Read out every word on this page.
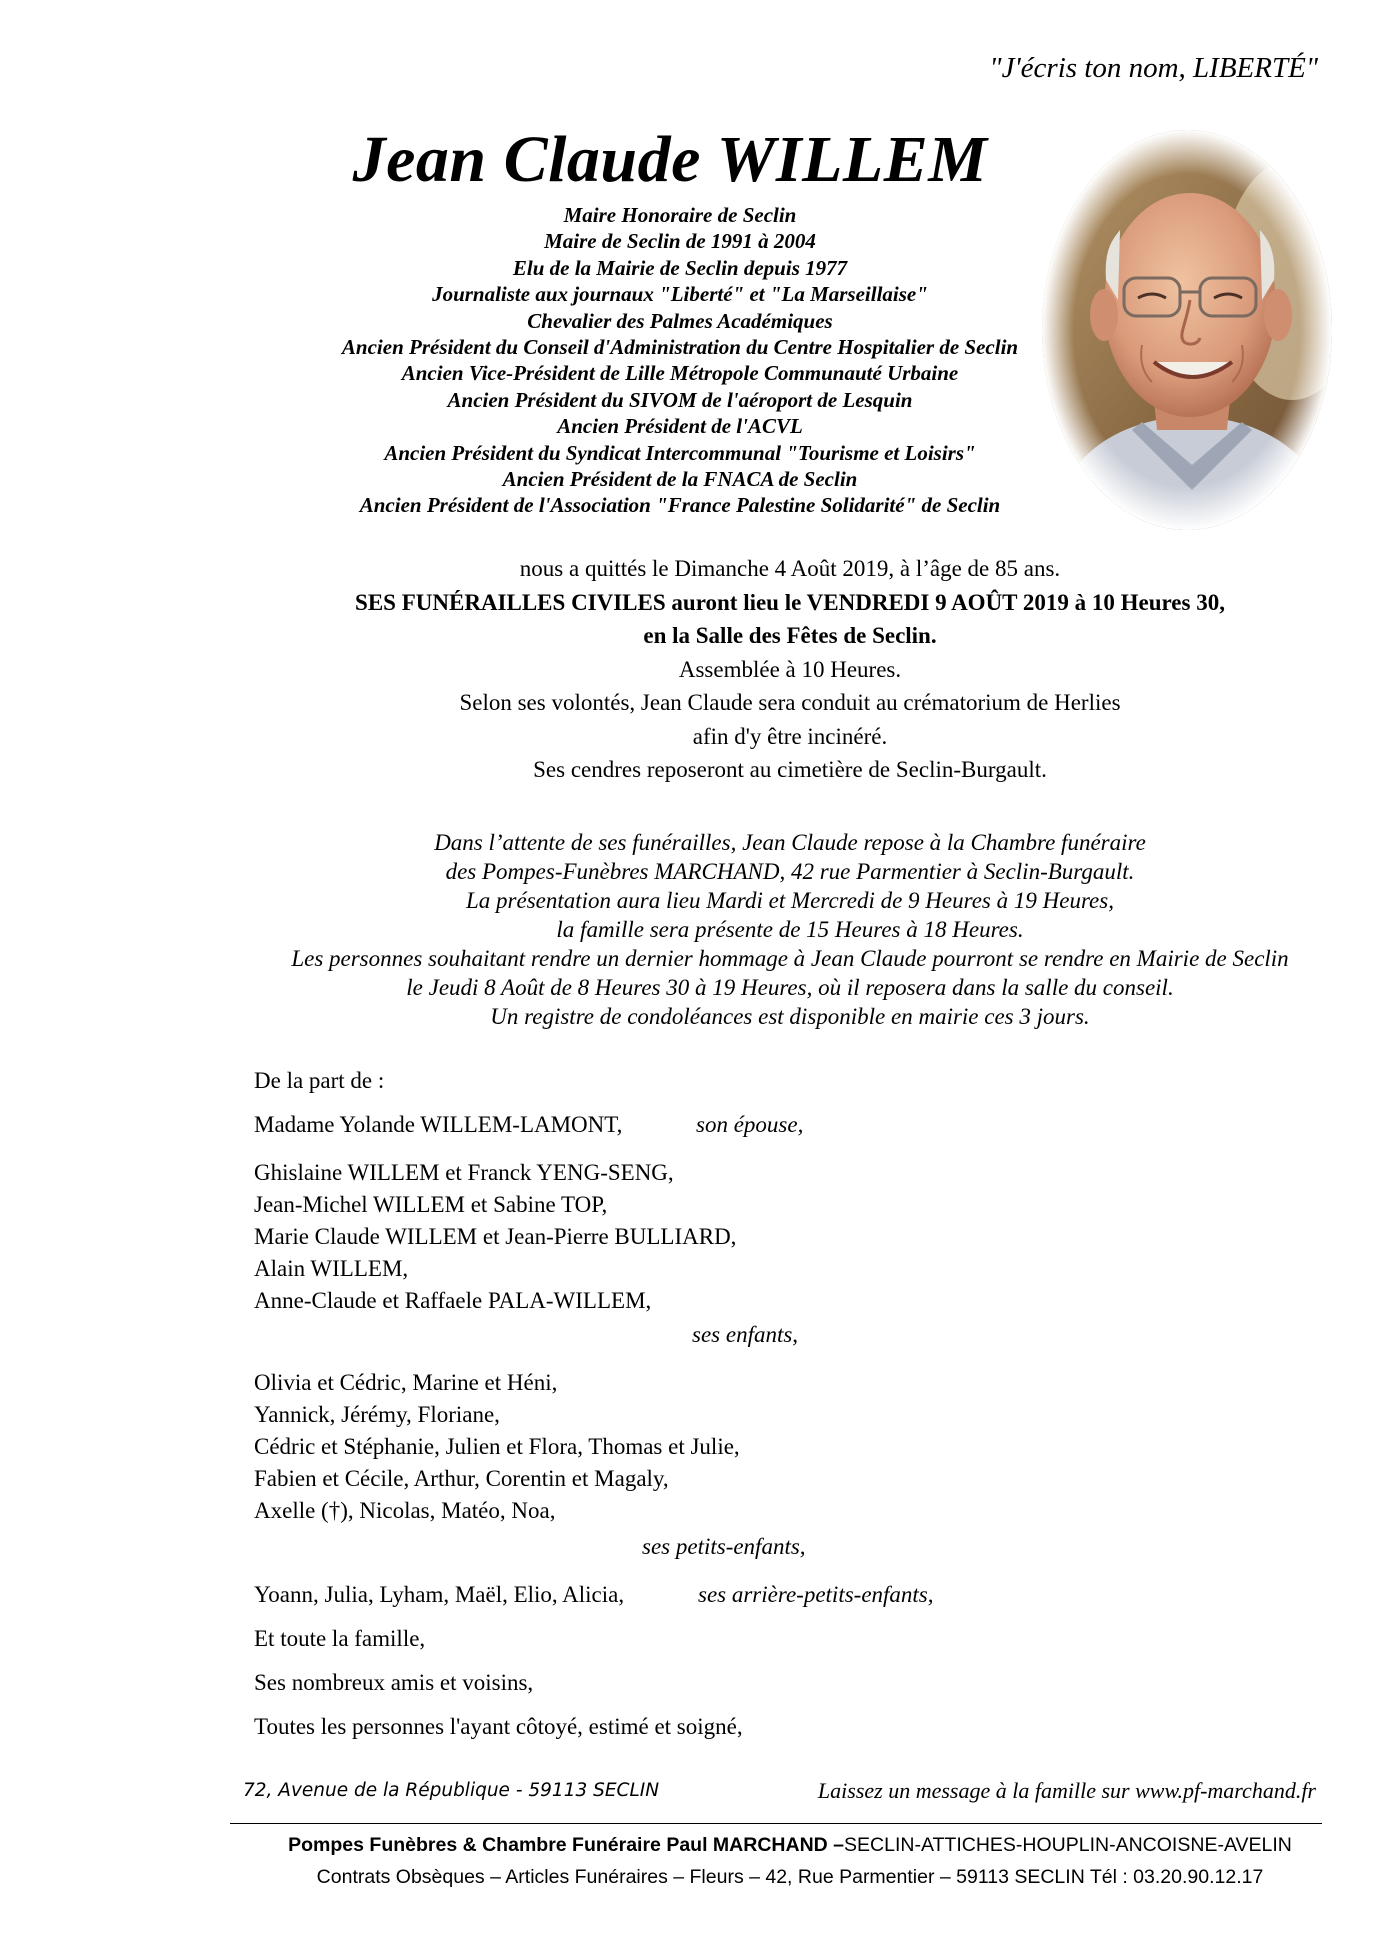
"J'écris ton nom, LIBERTÉ"
Jean Claude WILLEM
Maire Honoraire de Seclin
Maire de Seclin de 1991 à 2004
Elu de la Mairie de Seclin depuis 1977
Journaliste aux journaux "Liberté" et "La Marseillaise"
Chevalier des Palmes Académiques
Ancien Président du Conseil d'Administration du Centre Hospitalier de Seclin
Ancien Vice-Président de Lille Métropole Communauté Urbaine
Ancien Président du SIVOM de l'aéroport de Lesquin
Ancien Président de l'ACVL
Ancien Président du Syndicat Intercommunal "Tourisme et Loisirs"
Ancien Président de la FNACA de Seclin
Ancien Président de l'Association "France Palestine Solidarité" de Seclin
nous a quittés le Dimanche 4 Août 2019, à l’âge de 85 ans.
SES FUNÉRAILLES CIVILES auront lieu le VENDREDI 9 AOÛT 2019 à 10 Heures 30,
en la Salle des Fêtes de Seclin.
Assemblée à 10 Heures.
Selon ses volontés, Jean Claude sera conduit au crématorium de Herlies
afin d'y être incinéré.
Ses cendres reposeront au cimetière de Seclin-Burgault.
Dans l’attente de ses funérailles, Jean Claude repose à la Chambre funéraire
des Pompes-Funèbres MARCHAND, 42 rue Parmentier à Seclin-Burgault.
La présentation aura lieu Mardi et Mercredi de 9 Heures à 19 Heures,
la famille sera présente de 15 Heures à 18 Heures.
Les personnes souhaitant rendre un dernier hommage à Jean Claude pourront se rendre en Mairie de Seclin
le Jeudi 8 Août de 8 Heures 30 à 19 Heures, où il reposera dans la salle du conseil.
Un registre de condoléances est disponible en mairie ces 3 jours.
De la part de :
Madame Yolande WILLEM-LAMONT,	son épouse,
Ghislaine WILLEM et Franck YENG-SENG,
Jean-Michel WILLEM et Sabine TOP,
Marie Claude WILLEM et Jean-Pierre BULLIARD,
Alain WILLEM,
Anne-Claude et Raffaele PALA-WILLEM,
ses enfants,
Olivia et Cédric, Marine et Héni,
Yannick, Jérémy, Floriane,
Cédric et Stéphanie, Julien et Flora, Thomas et Julie,
Fabien et Cécile, Arthur, Corentin et Magaly,
Axelle (†), Nicolas, Matéo, Noa,
ses petits-enfants,
Yoann, Julia, Lyham, Maël, Elio, Alicia,	ses arrière-petits-enfants,
Et toute la famille,
Ses nombreux amis et voisins,
Toutes les personnes l'ayant côtoyé, estimé et soigné,
72, Avenue de la République - 59113 SECLIN	Laissez un message à la famille sur www.pf-marchand.fr
Pompes Funèbres & Chambre Funéraire Paul MARCHAND –SECLIN-ATTICHES-HOUPLIN-ANCOISNE-AVELIN
Contrats Obsèques – Articles Funéraires – Fleurs – 42, Rue Parmentier – 59113 SECLIN Tél : 03.20.90.12.17
